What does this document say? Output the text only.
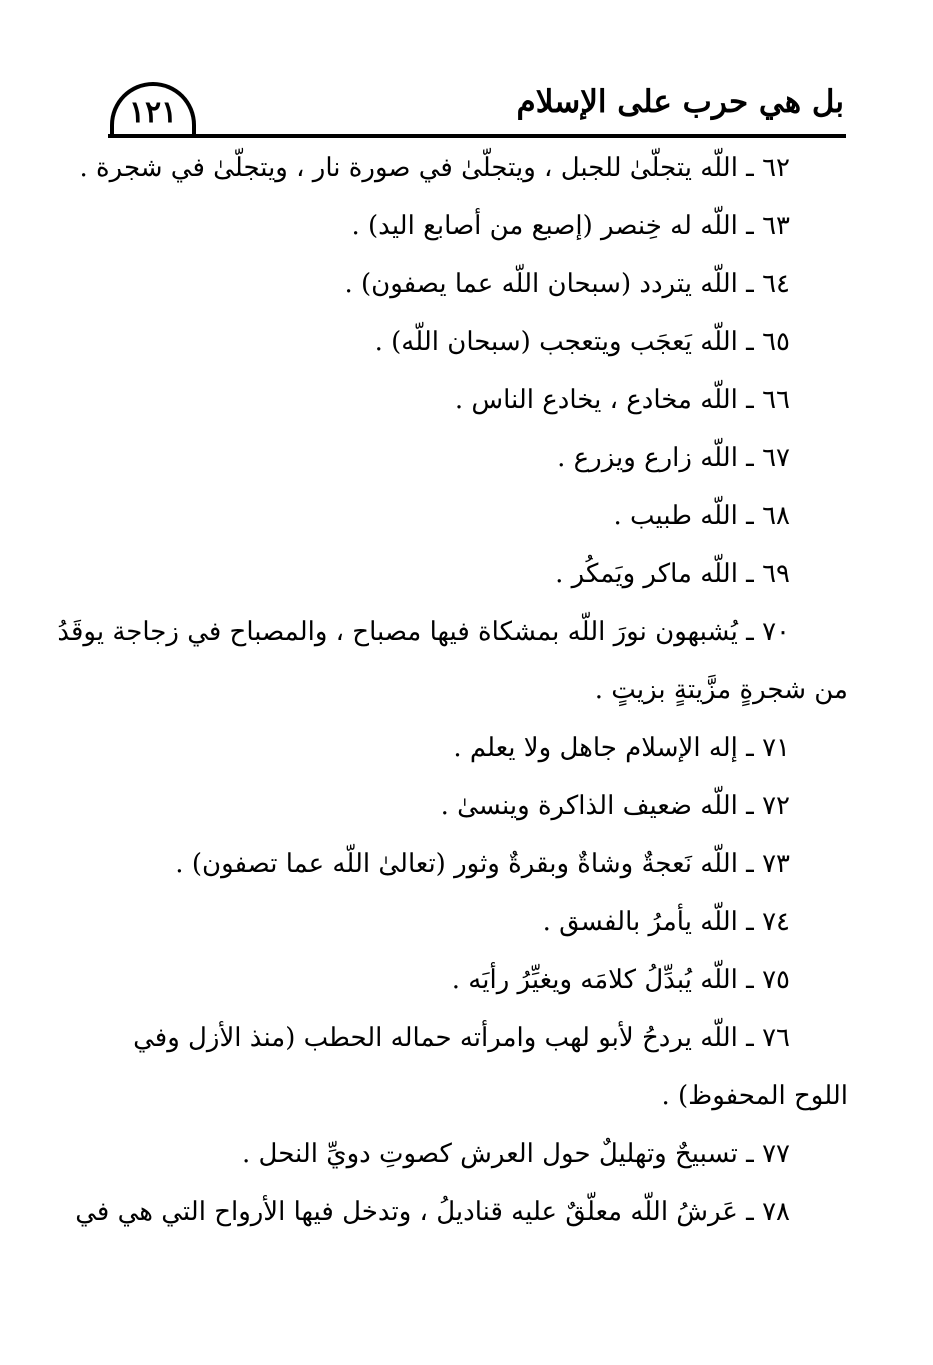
بل هي حرب على الإسلام
١٢١
٦٢ ـ اللّه يتجلّىٰ للجبل ، ويتجلّىٰ في صورة نار ، ويتجلّىٰ في شجرة .
٦٣ ـ اللّه له خِنصر (إصبع من أصابع اليد) .
٦٤ ـ اللّه يتردد (سبحان اللّه عما يصفون) .
٦٥ ـ اللّه يَعجَب ويتعجب (سبحان اللّه) .
٦٦ ـ اللّه مخادع ، يخادع الناس .
٦٧ ـ اللّه زارع ويزرع .
٦٨ ـ اللّه طبيب .
٦٩ ـ اللّه ماكر ويَمكُر .
٧٠ ـ يُشبهون نورَ اللّه بمشكاة فيها مصباح ، والمصباح في زجاجة يوقَدُ
من شجرةٍ مزَّيتةٍ بزيتٍ .
٧١ ـ إله الإسلام جاهل ولا يعلم .
٧٢ ـ اللّه ضعيف الذاكرة وينسىٰ .
٧٣ ـ اللّه نَعجةٌ وشاةٌ وبقرةٌ وثور (تعالىٰ اللّه عما تصفون) .
٧٤ ـ اللّه يأمرُ بالفسق .
٧٥ ـ اللّه يُبدِّلُ كلامَه ويغيِّرُ رأيَه .
٧٦ ـ اللّه يردحُ لأبو لهب وامرأته حماله الحطب (منذ الأزل وفي
اللوح المحفوظ) .
٧٧ ـ تسبيحٌ وتهليلٌ حول العرش كصوتِ دويِّ النحل .
٧٨ ـ عَرشُ اللّه معلّقٌ عليه قناديلُ ، وتدخل فيها الأرواح التي هي في
